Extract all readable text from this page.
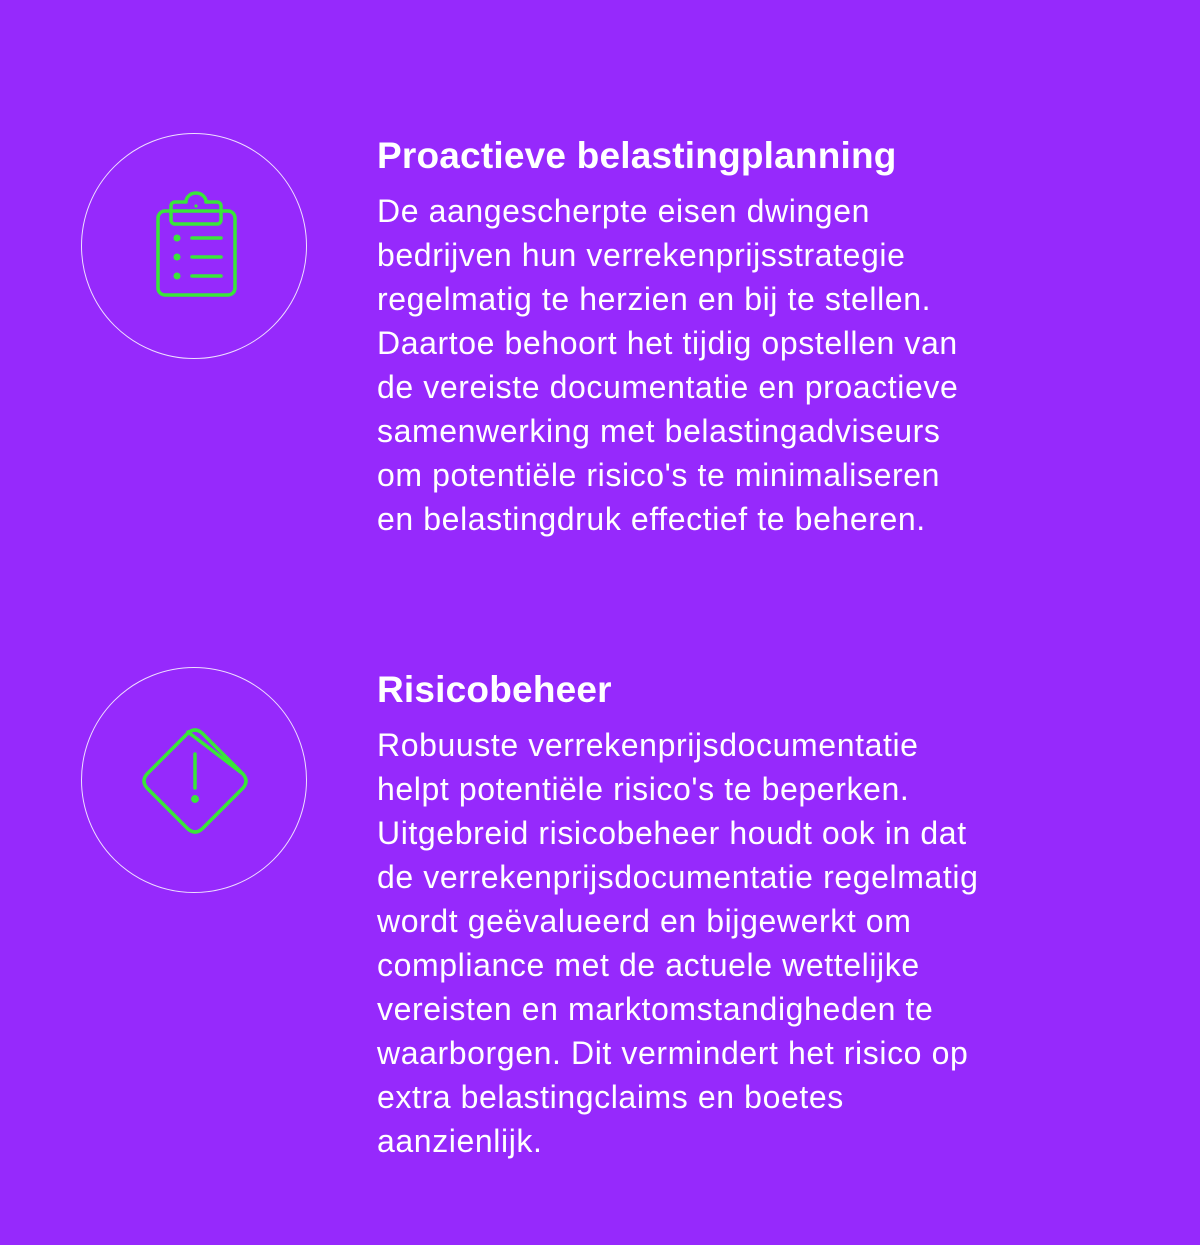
Proactieve belastingplanning

De aangescherpte eisen dwingen
bedrijven hun verrekenprijsstrategie
regelmatig te herzien en bij te stellen.
Daartoe behoort het tijdig opstellen van
de vereiste documentatie en proactieve
samenwerking met belastingadviseurs
om potentiële risico's te minimaliseren
en belastingdruk effectief te beheren.

Risicobeheer

Robuuste verrekenprijsdocumentatie
helpt potentiële risico's te beperken.
Uitgebreid risicobeheer houdt ook in dat
de verrekenprijsdocumentatie regelmatig
wordt geëvalueerd en bijgewerkt om
compliance met de actuele wettelijke
vereisten en marktomstandigheden te
waarborgen. Dit vermindert het risico op
extra belastingclaims en boetes
aanzienlijk.
